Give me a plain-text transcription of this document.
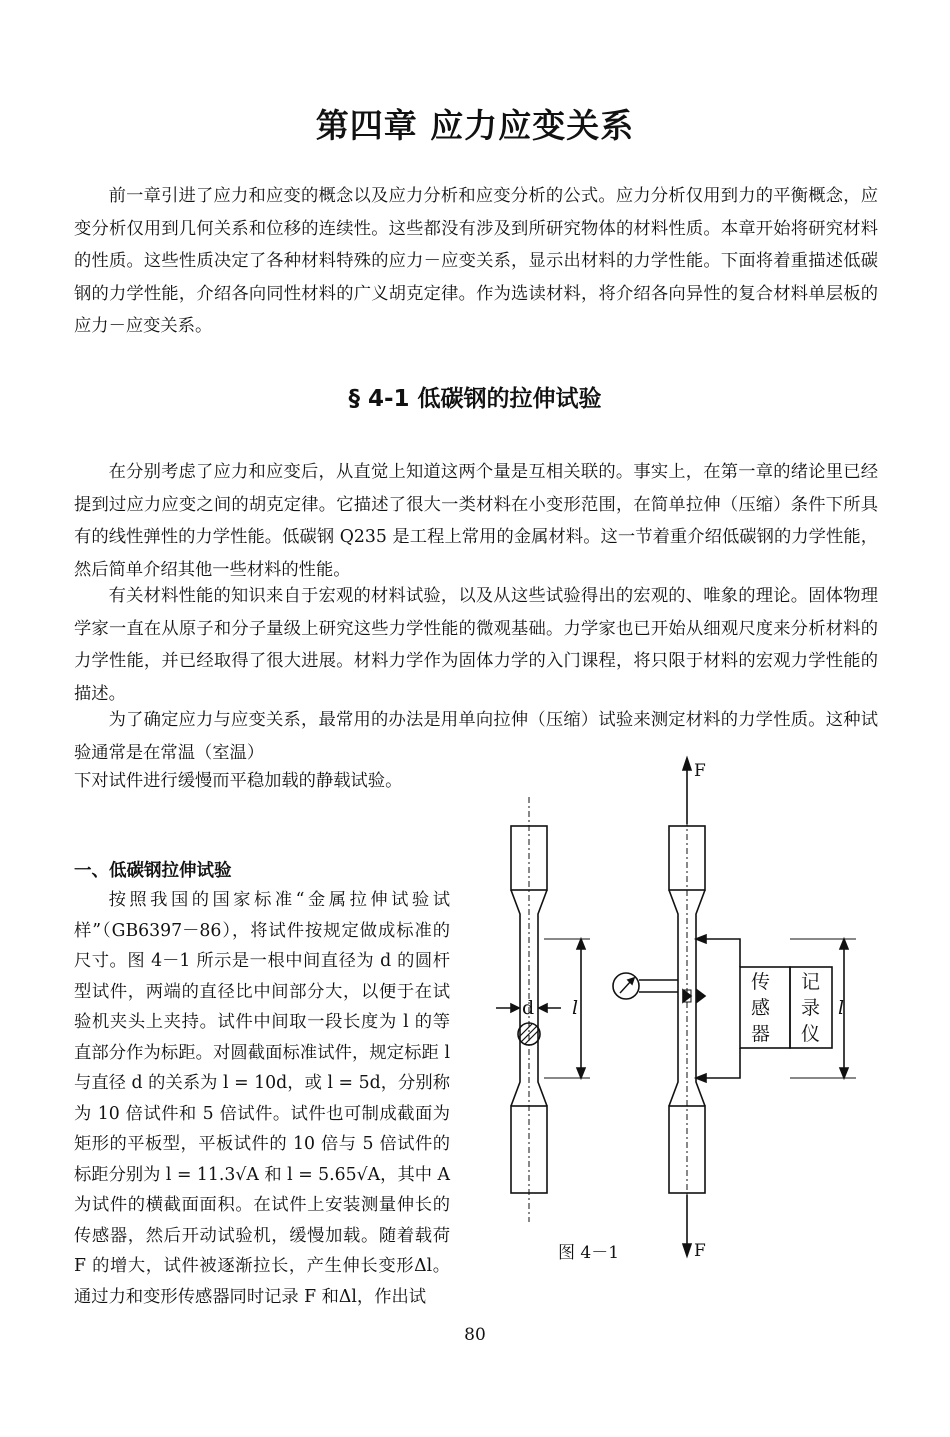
第四章 应力应变关系

前一章引进了应力和应变的概念以及应力分析和应变分析的公式。应力分析仅用到力的平衡概念，应变分析仅用到几何关系和位移的连续性。这些都没有涉及到所研究物体的材料性质。本章开始将研究材料的性质。这些性质决定了各种材料特殊的应力－应变关系，显示出材料的力学性能。下面将着重描述低碳钢的力学性能，介绍各向同性材料的广义胡克定律。作为选读材料，将介绍各向异性的复合材料单层板的应力－应变关系。

§ 4-1 低碳钢的拉伸试验

在分别考虑了应力和应变后，从直觉上知道这两个量是互相关联的。事实上，在第一章的绪论里已经提到过应力应变之间的胡克定律。它描述了很大一类材料在小变形范围，在简单拉伸（压缩）条件下所具有的线性弹性的力学性能。低碳钢 Q235 是工程上常用的金属材料。这一节着重介绍低碳钢的力学性能，然后简单介绍其他一些材料的性能。

有关材料性能的知识来自于宏观的材料试验，以及从这些试验得出的宏观的、唯象的理论。固体物理学家一直在从原子和分子量级上研究这些力学性能的微观基础。力学家也已开始从细观尺度来分析材料的力学性能，并已经取得了很大进展。材料力学作为固体力学的入门课程，将只限于材料的宏观力学性能的描述。

为了确定应力与应变关系，最常用的办法是用单向拉伸（压缩）试验来测定材料的力学性质。这种试验通常是在常温（室温）

下对试件进行缓慢而平稳加载的静载试验。

一、低碳钢拉伸试验

按照我国的国家标准“金属拉伸试验试样”（GB6397－86），将试件按规定做成标准的尺寸。图 4－1 所示是一根中间直径为 d 的圆杆型试件，两端的直径比中间部分大，以便于在试验机夹头上夹持。试件中间取一段长度为 l 的等直部分作为标距。对圆截面标准试件，规定标距 l 与直径 d 的关系为 l = 10d，或 l = 5d，分别称为 10 倍试件和 5 倍试件。试件也可制成截面为矩形的平板型，平板试件的 10 倍与 5 倍试件的标距分别为 l = 11.3√A 和 l = 5.65√A，其中 A 为试件的横截面面积。在试件上安装测量伸长的传感器，然后开动试验机，缓慢加载。随着载荷 F 的增大，试件被逐渐拉长，产生伸长变形Δl。通过力和变形传感器同时记录 F 和Δl，作出试

d l	l
F
F
传
感
器
记
录
仪
图 4－1
80
